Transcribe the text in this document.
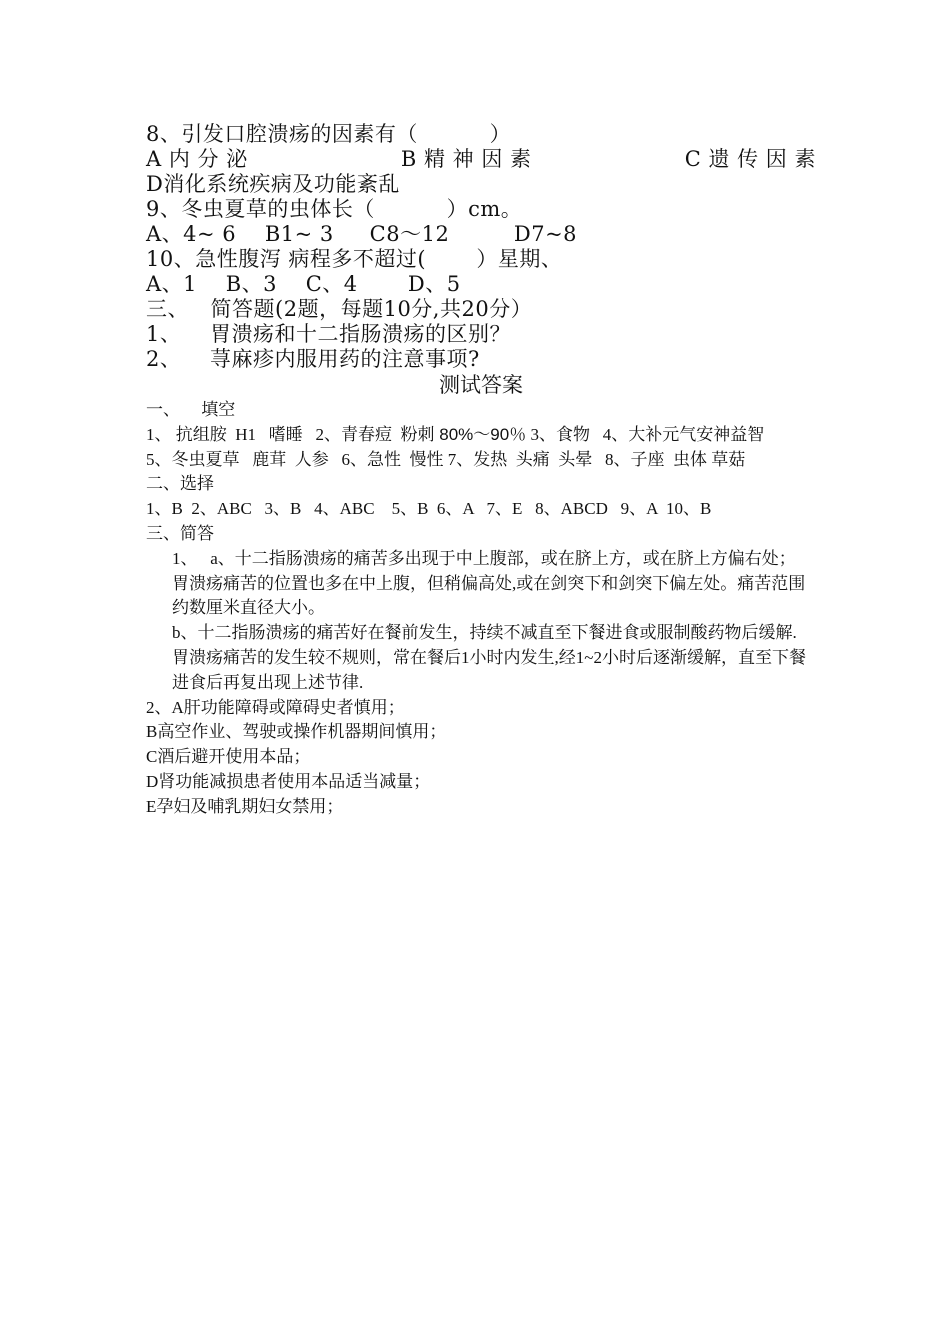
8、引发口腔溃疡的因素有（          ）
A 内 分 泌	B 精 神 因 素	C 遗 传 因 素
D消化系统疾病及功能紊乱
9、冬虫夏草的虫体长（          ）cm。
A、4~ 6    B1~ 3     C8～12         D7~8
10、急性腹泻 病程多不超过(       ）星期、
A、1    B、3    C、4       D、5
三、   简答题(2题，每题10分,共20分）
1、    胃溃疡和十二指肠溃疡的区别？
2、    荨麻疹内服用药的注意事项?
测试答案
一、     填空
1、 抗组胺  H1   嗜睡   2、青春痘  粉刺 80%～90％ 3、食物   4、大补元气安神益智
5、冬虫夏草   鹿茸  人参   6、急性  慢性 7、发热  头痛  头晕   8、子座  虫体 草菇
二、选择
1、B  2、ABC   3、B   4、ABC    5、B  6、A   7、E   8、ABCD   9、A  10、B
三、简答
1、   a、十二指肠溃疡的痛苦多出现于中上腹部，或在脐上方，或在脐上方偏右处；
胃溃疡痛苦的位置也多在中上腹，但稍偏高处,或在剑突下和剑突下偏左处。痛苦范围约数厘米直径大小。
b、十二指肠溃疡的痛苦好在餐前发生，持续不减直至下餐进食或服制酸药物后缓解.
胃溃疡痛苦的发生较不规则，常在餐后1小时内发生,经1~2小时后逐渐缓解，直至下餐进食后再复出现上述节律.
2、A肝功能障碍或障碍史者慎用；
B高空作业、驾驶或操作机器期间慎用；
C酒后避开使用本品；
D肾功能减损患者使用本品适当减量；
E孕妇及哺乳期妇女禁用；
